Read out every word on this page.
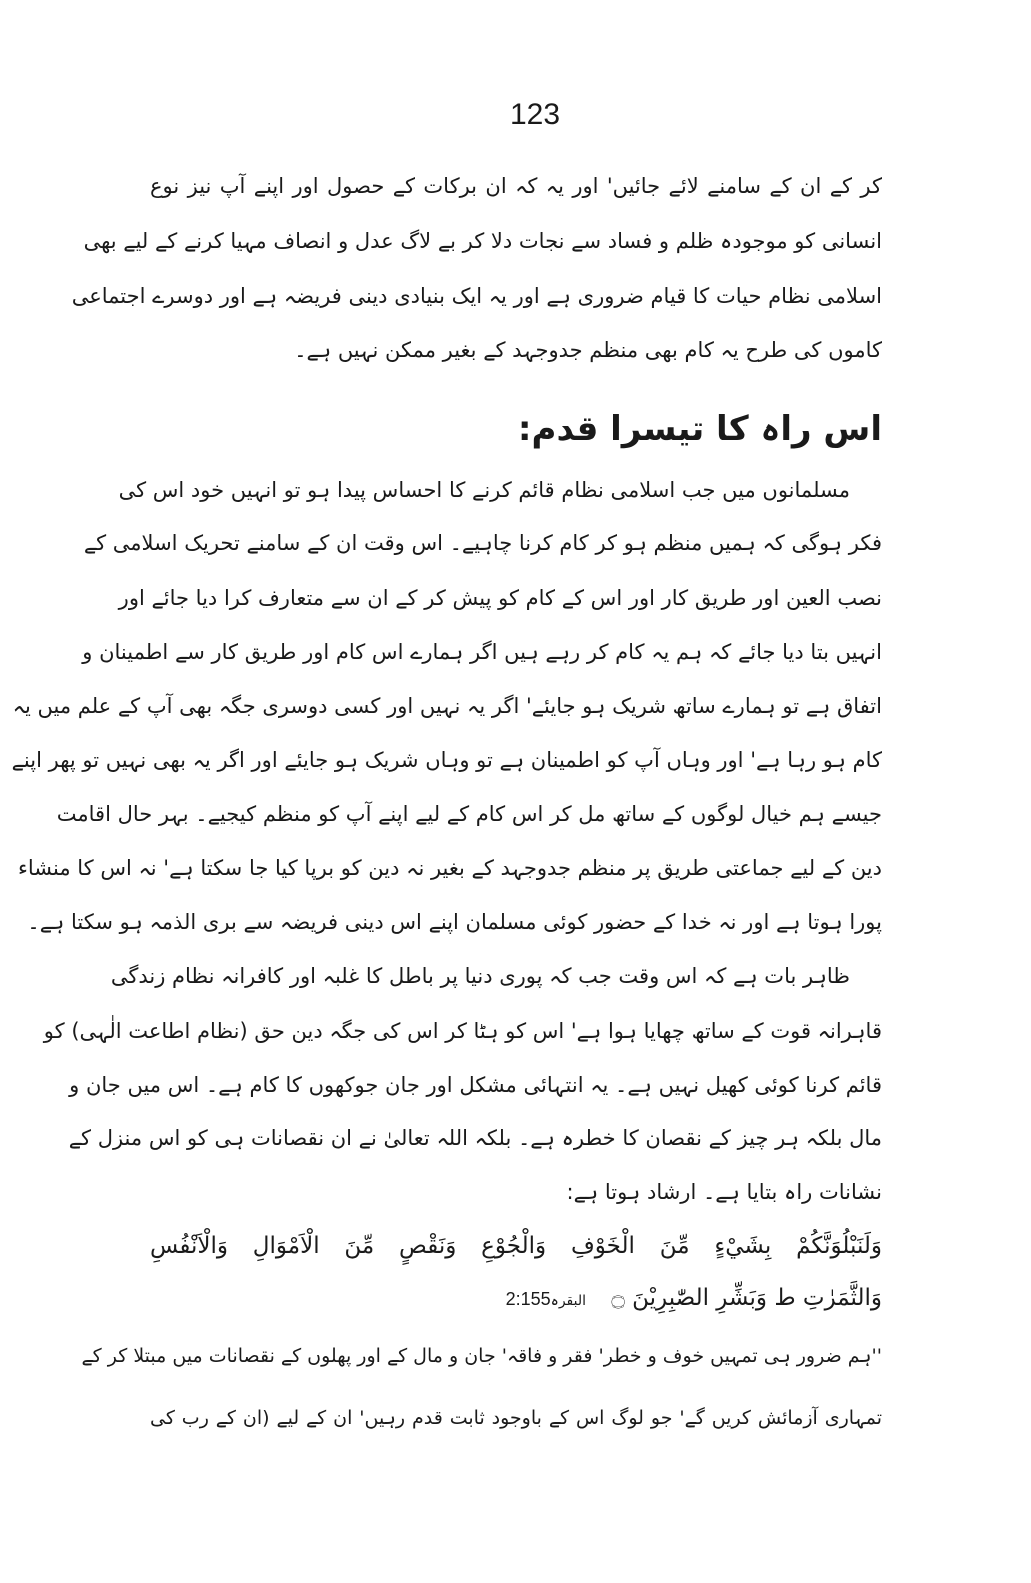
123
کر کے ان کے سامنے لائے جائیں' اور یہ کہ ان برکات کے حصول اور اپنے آپ نیز نوع
انسانی کو موجودہ ظلم و فساد سے نجات دلا کر بے لاگ عدل و انصاف مہیا کرنے کے لیے بھی
اسلامی نظام حیات کا قیام ضروری ہے اور یہ ایک بنیادی دینی فریضہ ہے اور دوسرے اجتماعی
کاموں کی طرح یہ کام بھی منظم جدوجہد کے بغیر ممکن نہیں ہے۔
اس راہ کا تیسرا قدم:
مسلمانوں میں جب اسلامی نظام قائم کرنے کا احساس پیدا ہو تو انہیں خود اس کی
فکر ہوگی کہ ہمیں منظم ہو کر کام کرنا چاہیے۔ اس وقت ان کے سامنے تحریک اسلامی کے
نصب العین اور طریق کار اور اس کے کام کو پیش کر کے ان سے متعارف کرا دیا جائے اور
انہیں بتا دیا جائے کہ ہم یہ کام کر رہے ہیں اگر ہمارے اس کام اور طریق کار سے اطمینان و
اتفاق ہے تو ہمارے ساتھ شریک ہو جایئے' اگر یہ نہیں اور کسی دوسری جگہ بھی آپ کے علم میں یہ
کام ہو رہا ہے' اور وہاں آپ کو اطمینان ہے تو وہاں شریک ہو جایئے اور اگر یہ بھی نہیں تو پھر اپنے
جیسے ہم خیال لوگوں کے ساتھ مل کر اس کام کے لیے اپنے آپ کو منظم کیجیے۔ بہر حال اقامت
دین کے لیے جماعتی طریق پر منظم جدوجہد کے بغیر نہ دین کو برپا کیا جا سکتا ہے' نہ اس کا منشاء
پورا ہوتا ہے اور نہ خدا کے حضور کوئی مسلمان اپنے اس دینی فریضہ سے بری الذمہ ہو سکتا ہے۔
ظاہر بات ہے کہ اس وقت جب کہ پوری دنیا پر باطل کا غلبہ اور کافرانہ نظام زندگی
قاہرانہ قوت کے ساتھ چھایا ہوا ہے' اس کو ہٹا کر اس کی جگہ دین حق (نظام اطاعت الٰہی) کو
قائم کرنا کوئی کھیل نہیں ہے۔ یہ انتہائی مشکل اور جان جوکھوں کا کام ہے۔ اس میں جان و
مال بلکہ ہر چیز کے نقصان کا خطرہ ہے۔ بلکہ اللہ تعالیٰ نے ان نقصانات ہی کو اس منزل کے
نشانات راہ بتایا ہے۔ ارشاد ہوتا ہے:
وَلَنَبْلُوَنَّكُمْ بِشَيْءٍ مِّنَ الْخَوْفِ وَالْجُوْعِ وَنَقْصٍ مِّنَ الْاَمْوَالِ وَالْاَنْفُسِ
وَالثَّمَرٰتِ ط وَبَشِّرِ الصّٰبِرِيْنَ ۝ البقرہ2:155
''ہم ضرور ہی تمہیں خوف و خطر' فقر و فاقہ' جان و مال کے اور پھلوں کے نقصانات میں مبتلا کر کے
تمہاری آزمائش کریں گے' جو لوگ اس کے باوجود ثابت قدم رہیں' ان کے لیے (ان کے رب کی
